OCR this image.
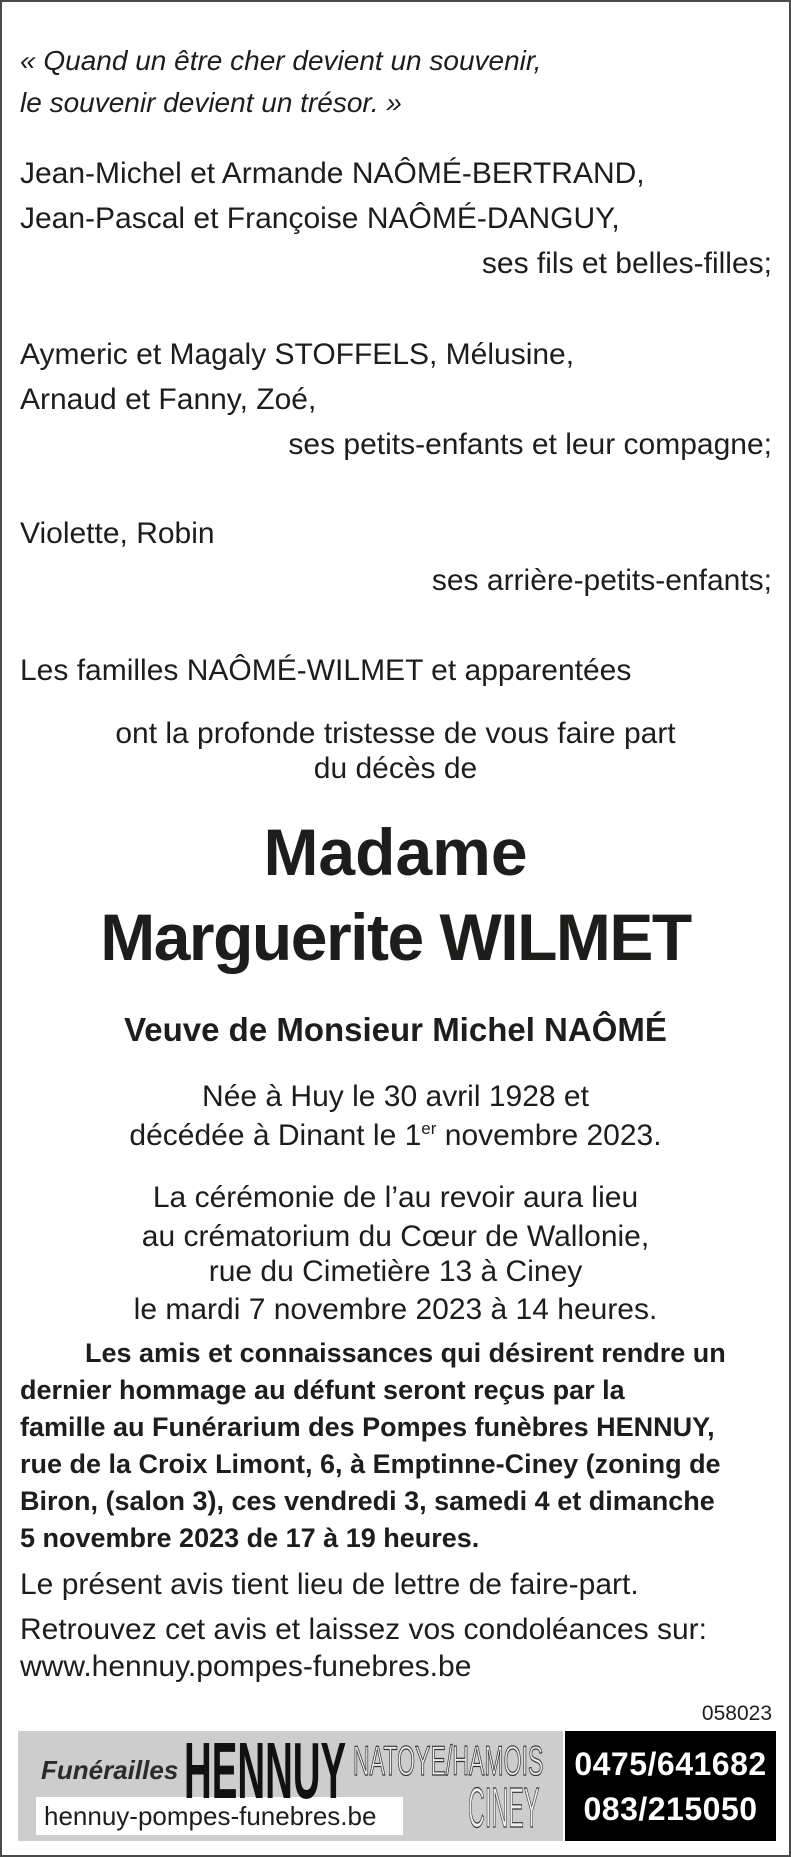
« Quand un être cher devient un souvenir,
le souvenir devient un trésor. »
Jean-Michel et Armande NAÔMÉ-BERTRAND,
Jean-Pascal et Françoise NAÔMÉ-DANGUY,
ses fils et belles-filles;
Aymeric et Magaly STOFFELS, Mélusine,
Arnaud et Fanny, Zoé,
ses petits-enfants et leur compagne;
Violette, Robin
ses arrière-petits-enfants;
Les familles NAÔMÉ-WILMET et apparentées
ont la profonde tristesse de vous faire part
du décès de
Madame
Marguerite WILMET
Veuve de Monsieur Michel NAÔMÉ
Née à Huy le 30 avril 1928 et
décédée à Dinant le 1er novembre 2023.
La cérémonie de l’au revoir aura lieu
au crématorium du Cœur de Wallonie,
rue du Cimetière 13 à Ciney
le mardi 7 novembre 2023 à 14 heures.
Les amis et connaissances qui désirent rendre un
dernier hommage au défunt seront reçus par la
famille au Funérarium des Pompes funèbres HENNUY,
rue de la Croix Limont, 6, à Emptinne-Ciney (zoning de
Biron, (salon 3), ces vendredi 3, samedi 4 et dimanche
5 novembre 2023 de 17 à 19 heures.
Le présent avis tient lieu de lettre de faire-part.
Retrouvez cet avis et laissez vos condoléances sur:
www.hennuy.pompes-funebres.be
058023
Funérailles
hennuy-pompes-funebres.be
HENNUY NATOYE/HAMOIS
CINEY
0475/641682
083/215050
